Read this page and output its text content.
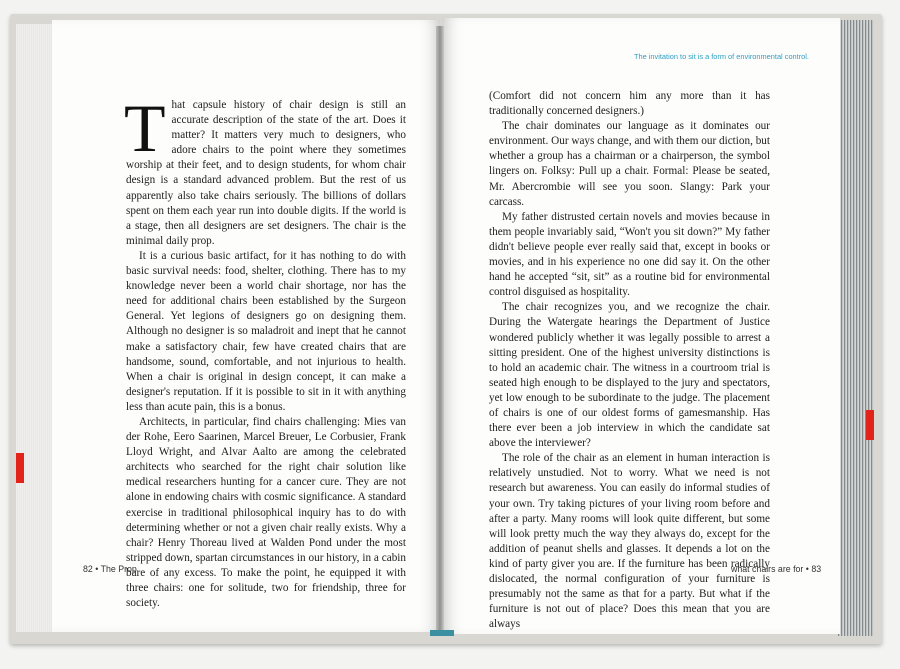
That capsule history of chair design is still an accurate description of the state of the art. Does it matter? It matters very much to designers, who adore chairs to the point where they sometimes worship at their feet, and to design students, for whom chair design is a standard advanced problem. But the rest of us apparently also take chairs seriously. The billions of dollars spent on them each year run into double digits. If the world is a stage, then all designers are set designers. The chair is the minimal daily prop.

It is a curious basic artifact, for it has nothing to do with basic survival needs: food, shelter, clothing. There has to my knowledge never been a world chair shortage, nor has the need for additional chairs been established by the Surgeon General. Yet legions of designers go on designing them. Although no designer is so maladroit and inept that he cannot make a satisfactory chair, few have created chairs that are handsome, sound, comfortable, and not injurious to health. When a chair is original in design concept, it can make a designer's reputation. If it is possible to sit in it with anything less than acute pain, this is a bonus.

Architects, in particular, find chairs challenging: Mies van der Rohe, Eero Saarinen, Marcel Breuer, Le Corbusier, Frank Lloyd Wright, and Alvar Aalto are among the celebrated architects who searched for the right chair solution like medical researchers hunting for a cancer cure. They are not alone in endowing chairs with cosmic significance. A standard exercise in traditional philosophical inquiry has to do with determining whether or not a given chair really exists. Why a chair? Henry Thoreau lived at Walden Pond under the most stripped down, spartan circumstances in our history, in a cabin bare of any excess. To make the point, he equipped it with three chairs: one for solitude, two for friendship, three for society.

The invitation to sit is a form of environmental control.

(Comfort did not concern him any more than it has traditionally concerned designers.)

The chair dominates our language as it dominates our environment. Our ways change, and with them our diction, but whether a group has a chairman or a chairperson, the symbol lingers on. Folksy: Pull up a chair. Formal: Please be seated, Mr. Abercrombie will see you soon. Slangy: Park your carcass.

My father distrusted certain novels and movies because in them people invariably said, “Won't you sit down?” My father didn't believe people ever really said that, except in books or movies, and in his experience no one did say it. On the other hand he accepted “sit, sit” as a routine bid for environmental control disguised as hospitality.

The chair recognizes you, and we recognize the chair. During the Watergate hearings the Department of Justice wondered publicly whether it was legally possible to arrest a sitting president. One of the highest university distinctions is to hold an academic chair. The witness in a courtroom trial is seated high enough to be displayed to the jury and spectators, yet low enough to be subordinate to the judge. The placement of chairs is one of our oldest forms of gamesmanship. Has there ever been a job interview in which the candidate sat above the interviewer?

The role of the chair as an element in human interaction is relatively unstudied. Not to worry. What we need is not research but awareness. You can easily do informal studies of your own. Try taking pictures of your living room before and after a party. Many rooms will look quite different, but some will look pretty much the way they always do, except for the addition of peanut shells and glasses. It depends a lot on the kind of party giver you are. If the furniture has been radically dislocated, the normal configuration of your furniture is presumably not the same as that for a party. But what if the furniture is not out of place? Does this mean that you are always

82 • The Prop	what chairs are for • 83
